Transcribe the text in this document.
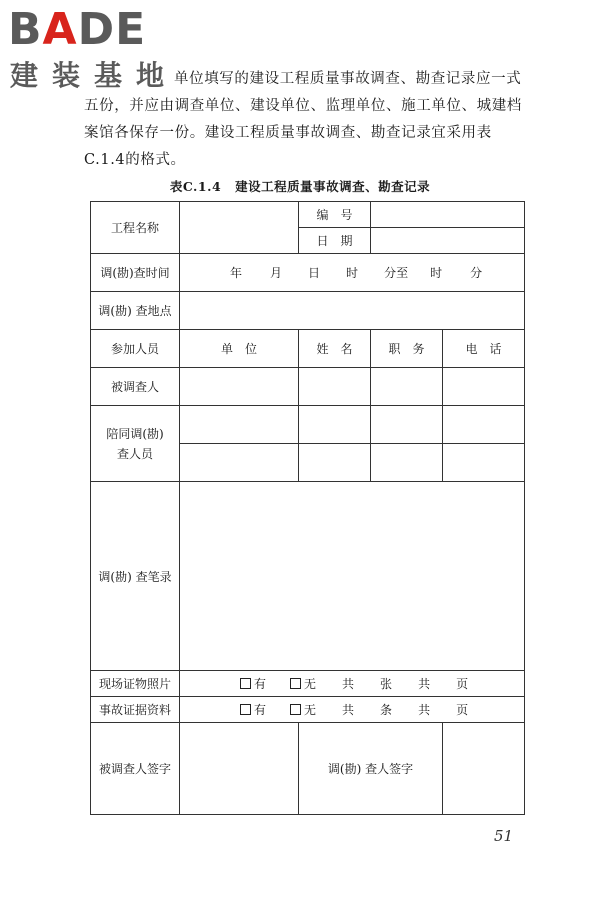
BADE
建装基地
单位填写的建设工程质量事故调查、勘查记录应一式五份，并应由调查单位、建设单位、监理单位、施工单位、城建档案馆各保存一份。建设工程质量事故调查、勘查记录宜采用表C.1.4的格式。
表C.1.4 建设工程质量事故调查、勘查记录
工程名称		编　号		
		日　期		
调(勘)查时间	年 月 日 时 分至 时 分			
调(勘) 查地点				
参加人员	单　位	姓　名	职　务	电　话
被调查人				
陪同调(勘)
查人员				

调(勘) 查笔录				
现场证物照片	有 无 共 张 共 页			
事故证据资料	有 无 共 条 共 页			
被调查人签字		调(勘) 查人签字		
51
